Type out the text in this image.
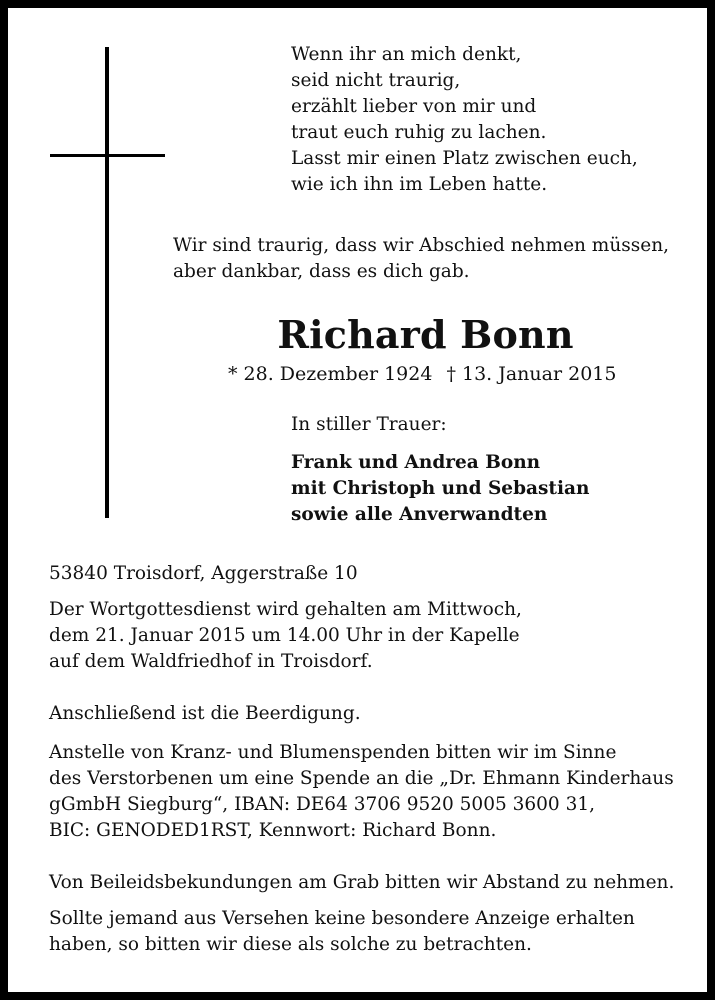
Wenn ihr an mich denkt,
seid nicht traurig,
erzählt lieber von mir und
traut euch ruhig zu lachen.
Lasst mir einen Platz zwischen euch,
wie ich ihn im Leben hatte.
Wir sind traurig, dass wir Abschied nehmen müssen,
aber dankbar, dass es dich gab.
Richard Bonn
* 28. Dezember 1924 † 13. Januar 2015
In stiller Trauer:
Frank und Andrea Bonn
mit Christoph und Sebastian
sowie alle Anverwandten
53840 Troisdorf, Aggerstraße 10
Der Wortgottesdienst wird gehalten am Mittwoch,
dem 21. Januar 2015 um 14.00 Uhr in der Kapelle
auf dem Waldfriedhof in Troisdorf.
Anschließend ist die Beerdigung.
Anstelle von Kranz- und Blumenspenden bitten wir im Sinne
des Verstorbenen um eine Spende an die „Dr. Ehmann Kinderhaus
gGmbH Siegburg“, IBAN: DE64 3706 9520 5005 3600 31,
BIC: GENODED1RST, Kennwort: Richard Bonn.
Von Beileidsbekundungen am Grab bitten wir Abstand zu nehmen.
Sollte jemand aus Versehen keine besondere Anzeige erhalten
haben, so bitten wir diese als solche zu betrachten.
